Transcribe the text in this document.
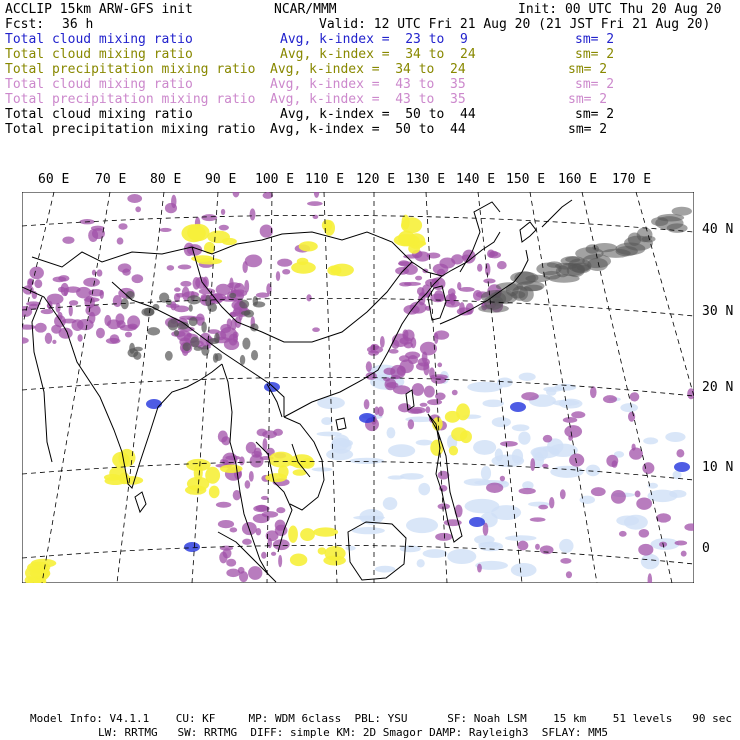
ACCLIP 15km ARW-GFS init	NCAR/MMM	Init: 00 UTC Thu 20 Aug 20
Fcst: 36 h	Valid: 12 UTC Fri 21 Aug 20 (21 JST Fri 21 Aug 20)
Total cloud mixing ratio	Avg, k-index =  23 to  9	sm= 2
Total cloud mixing ratio	Avg, k-index =  34 to  24	sm= 2
Total precipitation mixing ratio Avg, k-index =  34 to  24	sm= 2
Total cloud mixing ratio	Avg, k-index =  43 to  35	sm= 2
Total precipitation mixing ratio Avg, k-index =  43 to  35	sm= 2
Total cloud mixing ratio	Avg, k-index =  50 to  44	sm= 2
Total precipitation mixing ratio Avg, k-index =  50 to  44	sm= 2
60 E 70 E 80 E 90 E 100 E 110 E 120 E 130 E 140 E 150 E 160 E 170 E
40 N
30 N
20 N
10 N
0
Model Info: V4.1.1    CU: KF     MP: WDM 6class  PBL: YSU      SF: Noah LSM    15 km    51 levels   90 sec
LW: RRTMG   SW: RRTMG  DIFF: simple KM: 2D Smagor DAMP: Rayleigh3  SFLAY: MM5
